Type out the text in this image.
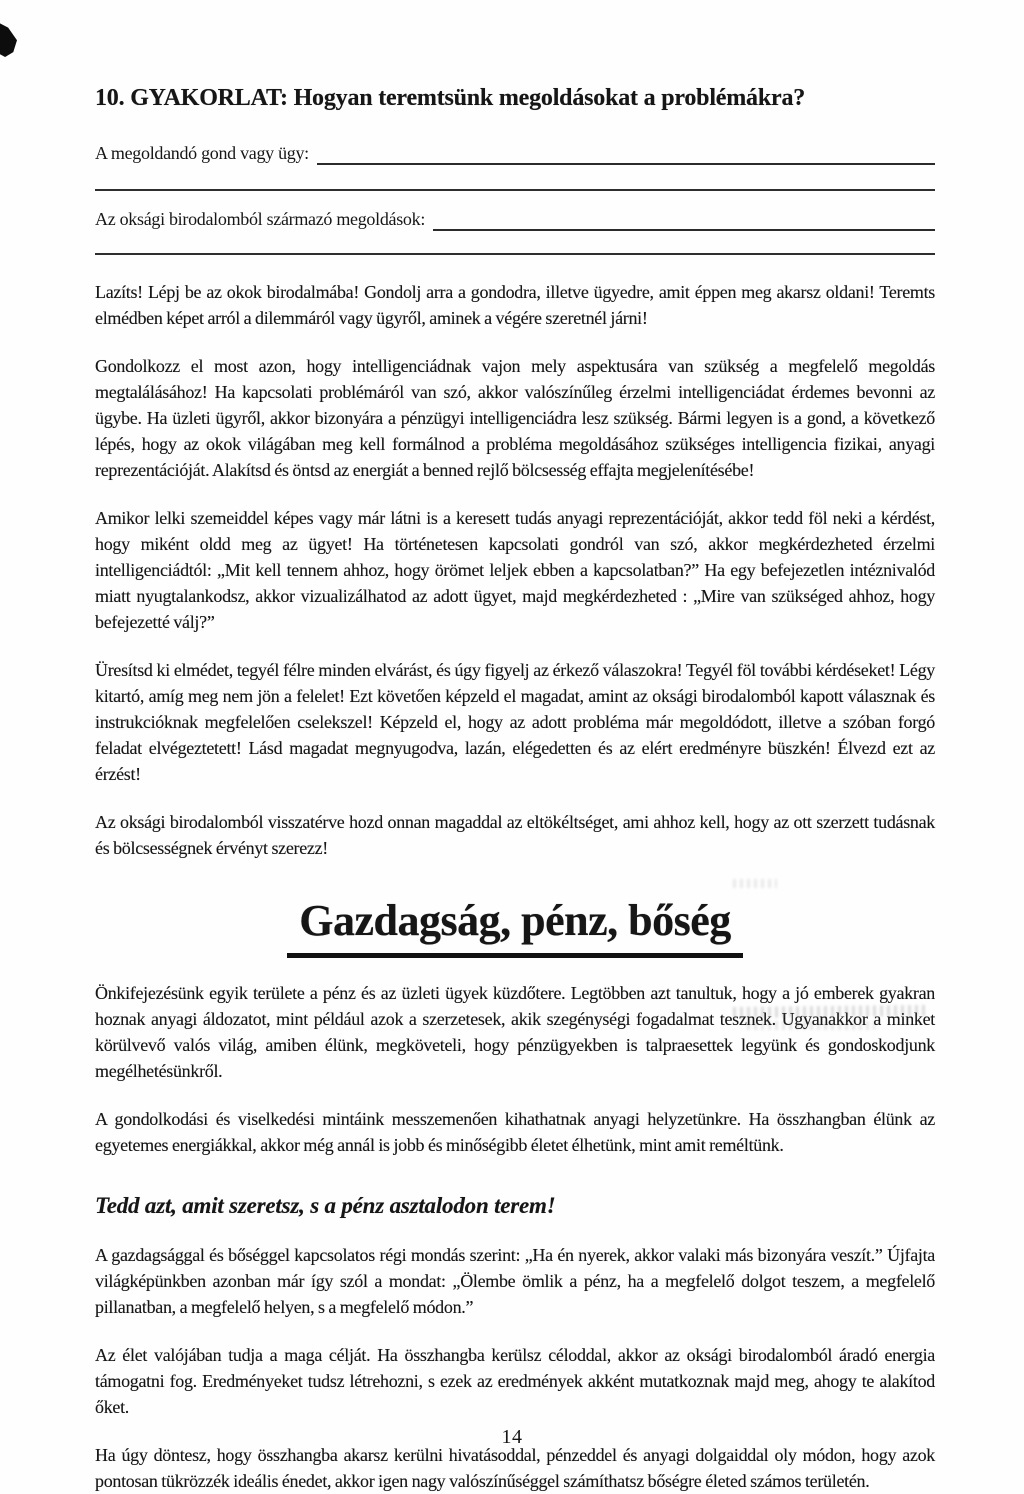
10. GYAKORLAT: Hogyan teremtsünk megoldásokat a problémákra?
A megoldandó gond vagy ügy:
Az oksági birodalomból származó megoldások:

Lazíts! Lépj be az okok birodalmába! Gondolj arra a gondodra, illetve ügyedre, amit éppen meg akarsz oldani! Teremts elmédben képet arról a dilemmáról vagy ügyről, aminek a végére szeretnél járni!

Gondolkozz el most azon, hogy intelligenciádnak vajon mely aspektusára van szükség a megfelelő megoldás megtalálásához! Ha kapcsolati problémáról van szó, akkor valószínűleg érzelmi intelligenciádat érdemes bevonni az ügybe. Ha üzleti ügyről, akkor bizonyára a pénzügyi intelligenciádra lesz szükség. Bármi legyen is a gond, a következő lépés, hogy az okok világában meg kell formálnod a probléma megoldásához szükséges intelligencia fizikai, anyagi reprezentációját. Alakítsd és öntsd az energiát a benned rejlő bölcsesség effajta megjelenítésébe!

Amikor lelki szemeiddel képes vagy már látni is a keresett tudás anyagi reprezentációját, akkor tedd föl neki a kérdést, hogy miként oldd meg az ügyet! Ha történetesen kapcsolati gondról van szó, akkor megkérdezheted érzelmi intelligenciádtól: „Mit kell tennem ahhoz, hogy örömet leljek ebben a kapcsolatban?” Ha egy befejezetlen intéznivalód miatt nyugtalankodsz, akkor vizualizálhatod az adott ügyet, majd megkérdezheted : „Mire van szükséged ahhoz, hogy befejezetté válj?”

Üresítsd ki elmédet, tegyél félre minden elvárást, és úgy figyelj az érkező válaszokra! Tegyél föl további kérdéseket! Légy kitartó, amíg meg nem jön a felelet! Ezt követően képzeld el magadat, amint az oksági birodalomból kapott válasznak és instrukcióknak megfelelően cselekszel! Képzeld el, hogy az adott probléma már megoldódott, illetve a szóban forgó feladat elvégeztetett! Lásd magadat megnyugodva, lazán, elégedetten és az elért eredményre büszkén! Élvezd ezt az érzést!

Az oksági birodalomból visszatérve hozd onnan magaddal az eltökéltséget, ami ahhoz kell, hogy az ott szerzett tudásnak és bölcsességnek érvényt szerezz!

Gazdagság, pénz, bőség

Önkifejezésünk egyik területe a pénz és az üzleti ügyek küzdőtere. Legtöbben azt tanultuk, hogy a jó emberek gyakran hoznak anyagi áldozatot, mint például azok a szerzetesek, akik szegénységi fogadalmat tesznek. Ugyanakkor a minket körülvevő valós világ, amiben élünk, megköveteli, hogy pénzügyekben is talpraesettek legyünk és gondoskodjunk megélhetésünkről.

A gondolkodási és viselkedési mintáink messzemenően kihathatnak anyagi helyzetünkre. Ha összhangban élünk az egyetemes energiákkal, akkor még annál is jobb és minőségibb életet élhetünk, mint amit reméltünk.

Tedd azt, amit szeretsz, s a pénz asztalodon terem!

A gazdagsággal és bőséggel kapcsolatos régi mondás szerint: „Ha én nyerek, akkor valaki más bizonyára veszít.” Újfajta világképünkben azonban már így szól a mondat: „Ölembe ömlik a pénz, ha a megfelelő dolgot teszem, a megfelelő pillanatban, a megfelelő helyen, s a megfelelő módon.”

Az élet valójában tudja a maga célját. Ha összhangba kerülsz céloddal, akkor az oksági birodalomból áradó energia támogatni fog. Eredményeket tudsz létrehozni, s ezek az eredmények akként mutatkoznak majd meg, ahogy te alakítod őket.

Ha úgy döntesz, hogy összhangba akarsz kerülni hivatásoddal, pénzeddel és anyagi dolgaiddal oly módon, hogy azok pontosan tükrözzék ideális énedet, akkor igen nagy valószínűséggel számíthatsz bőségre életed számos területén.

14
